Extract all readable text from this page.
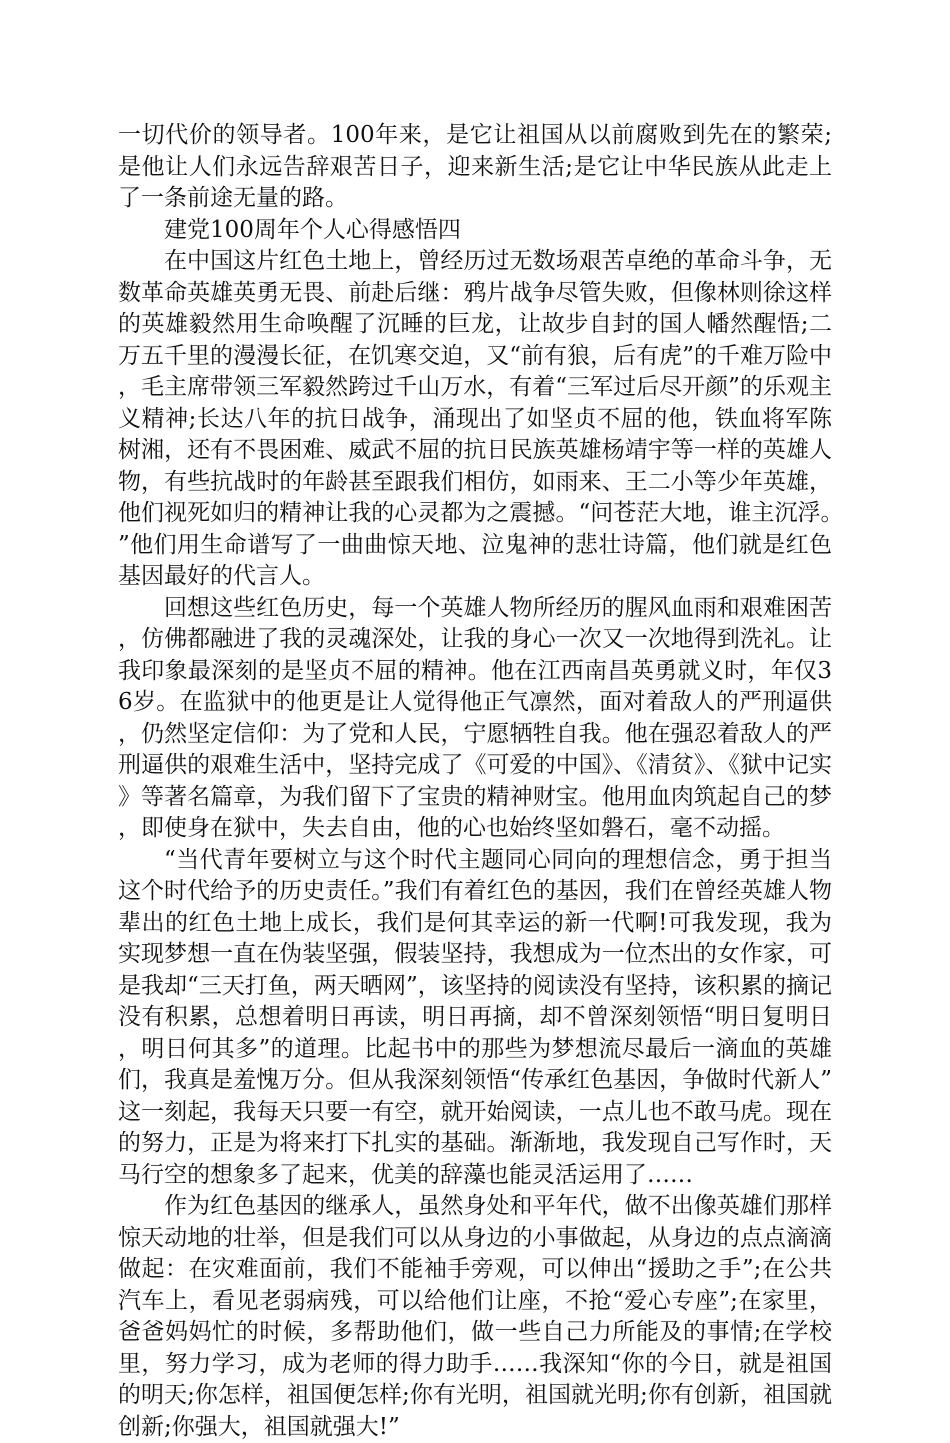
一切代价的领导者。100年来，是它让祖国从以前腐败到先在的繁荣;是他让人们永远告辞艰苦日子，迎来新生活;是它让中华民族从此走上了一条前途无量的路。

建党100周年个人心得感悟四

在中国这片红色土地上，曾经历过无数场艰苦卓绝的革命斗争，无数革命英雄英勇无畏、前赴后继：鸦片战争尽管失败，但像林则徐这样的英雄毅然用生命唤醒了沉睡的巨龙，让故步自封的国人幡然醒悟;二万五千里的漫漫长征，在饥寒交迫，又“前有狼，后有虎”的千难万险中，毛主席带领三军毅然跨过千山万水，有着“三军过后尽开颜”的乐观主义精神;长达八年的抗日战争，涌现出了如坚贞不屈的他，铁血将军陈树湘，还有不畏困难、威武不屈的抗日民族英雄杨靖宇等一样的英雄人物，有些抗战时的年龄甚至跟我们相仿，如雨来、王二小等少年英雄，他们视死如归的精神让我的心灵都为之震撼。“问苍茫大地，谁主沉浮。”他们用生命谱写了一曲曲惊天地、泣鬼神的悲壮诗篇，他们就是红色基因最好的代言人。

回想这些红色历史，每一个英雄人物所经历的腥风血雨和艰难困苦，仿佛都融进了我的灵魂深处，让我的身心一次又一次地得到洗礼。让我印象最深刻的是坚贞不屈的精神。他在江西南昌英勇就义时，年仅36岁。在监狱中的他更是让人觉得他正气凛然，面对着敌人的严刑逼供，仍然坚定信仰：为了党和人民，宁愿牺牲自我。他在强忍着敌人的严刑逼供的艰难生活中，坚持完成了《可爱的中国》、《清贫》、《狱中记实》等著名篇章，为我们留下了宝贵的精神财宝。他用血肉筑起自己的梦，即使身在狱中，失去自由，他的心也始终坚如磐石，毫不动摇。

“当代青年要树立与这个时代主题同心同向的理想信念，勇于担当这个时代给予的历史责任。”我们有着红色的基因，我们在曾经英雄人物辈出的红色土地上成长，我们是何其幸运的新一代啊!可我发现，我为实现梦想一直在伪装坚强，假装坚持，我想成为一位杰出的女作家，可是我却“三天打鱼，两天晒网”，该坚持的阅读没有坚持，该积累的摘记没有积累，总想着明日再读，明日再摘，却不曾深刻领悟“明日复明日，明日何其多”的道理。比起书中的那些为梦想流尽最后一滴血的英雄们，我真是羞愧万分。但从我深刻领悟“传承红色基因，争做时代新人”这一刻起，我每天只要一有空，就开始阅读，一点儿也不敢马虎。现在的努力，正是为将来打下扎实的基础。渐渐地，我发现自己写作时，天马行空的想象多了起来，优美的辞藻也能灵活运用了……

作为红色基因的继承人，虽然身处和平年代，做不出像英雄们那样惊天动地的壮举，但是我们可以从身边的小事做起，从身边的点点滴滴做起：在灾难面前，我们不能袖手旁观，可以伸出“援助之手”;在公共汽车上，看见老弱病残，可以给他们让座，不抢“爱心专座”;在家里，爸爸妈妈忙的时候，多帮助他们，做一些自己力所能及的事情;在学校里，努力学习，成为老师的得力助手……我深知“你的今日，就是祖国的明天;你怎样，祖国便怎样;你有光明，祖国就光明;你有创新，祖国就创新;你强大，祖国就强大!”
